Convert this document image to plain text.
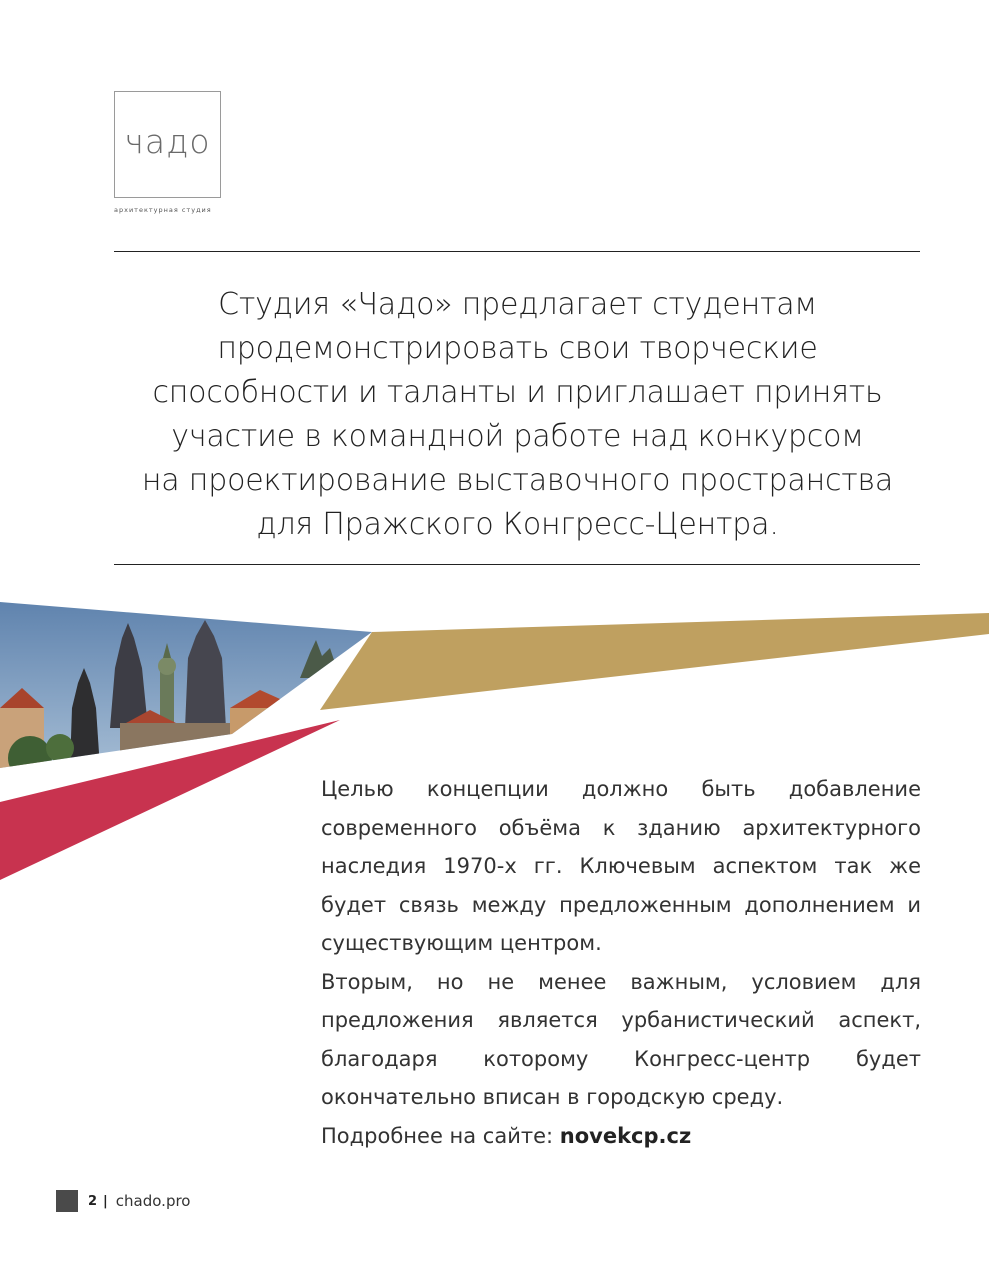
чадо
архитектурная студия
Студия «Чадо» предлагает студентам
продемонстрировать свои творческие
способности и таланты и приглашает принять
участие в командной работе над конкурсом
на проектирование выставочного пространства
для Пражского Конгресс-Центра.

Целью концепции должно быть добавление современного объёма к зданию архитектурного наследия 1970-х гг. Ключевым аспектом так же будет связь между предложенным дополнением и существующим центром.

Вторым, но не менее важным, условием для предложения является урбанистический аспект, благодаря которому Конгресс-центр будет окончательно вписан в городскую среду.

Подробнее на сайте: novekcp.cz

2 | chado.pro
